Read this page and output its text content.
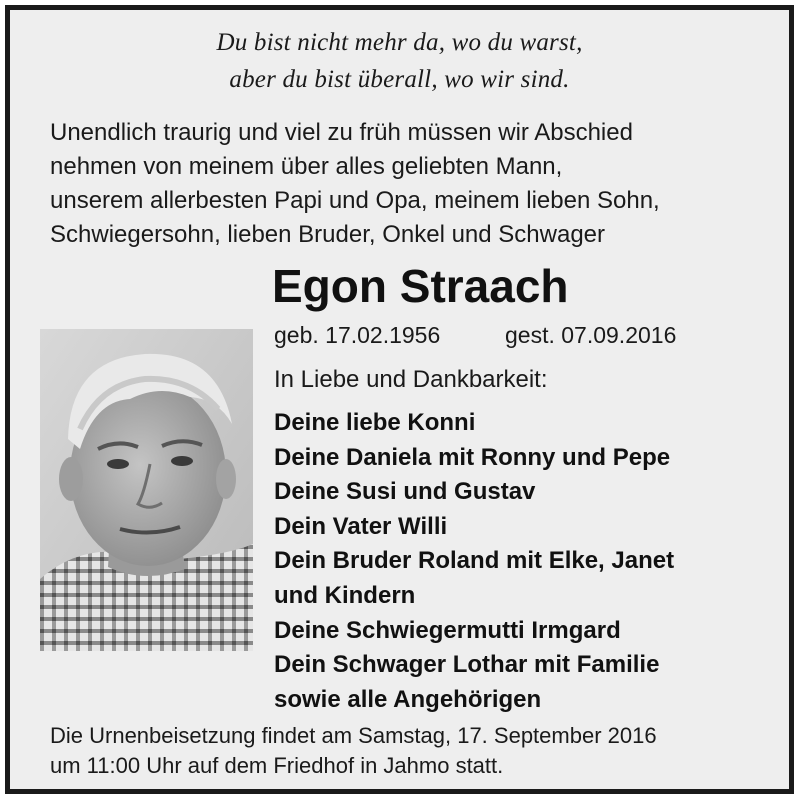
Du bist nicht mehr da, wo du warst,
aber du bist überall, wo wir sind.
Unendlich traurig und viel zu früh müssen wir Abschied
nehmen von meinem über alles geliebten Mann,
unserem allerbesten Papi und Opa, meinem lieben Sohn,
Schwiegersohn, lieben Bruder, Onkel und Schwager
Egon Straach
geb. 17.02.1956	gest. 07.09.2016
In Liebe und Dankbarkeit:
Deine liebe Konni
Deine Daniela mit Ronny und Pepe
Deine Susi und Gustav
Dein Vater Willi
Dein Bruder Roland mit Elke, Janet
und Kindern
Deine Schwiegermutti Irmgard
Dein Schwager Lothar mit Familie
sowie alle Angehörigen
Die Urnenbeisetzung findet am Samstag, 17. September 2016
um 11:00 Uhr auf dem Friedhof in Jahmo statt.
